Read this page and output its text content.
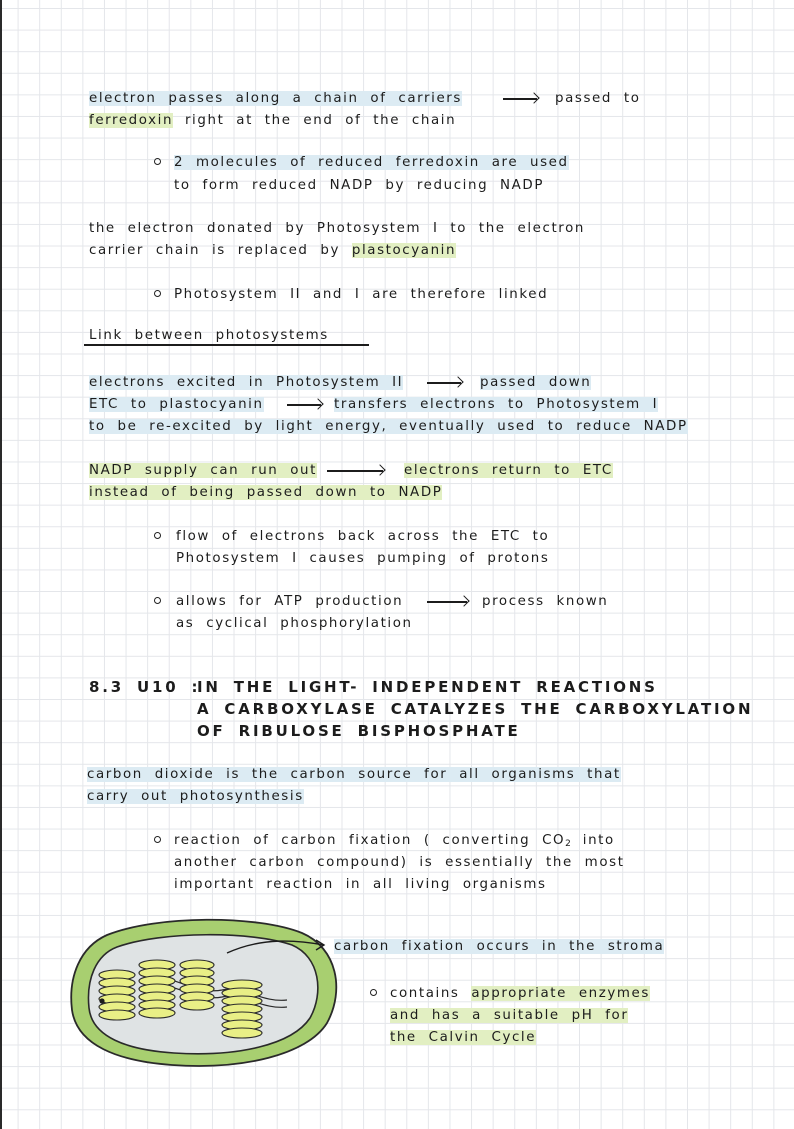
electron passes along a chain of carriers	passed to
ferredoxin right at the end of the chain
2 molecules of reduced ferredoxin are used
to form reduced NADP by reducing NADP
the electron donated by Photosystem I to the electron
carrier chain is replaced by plastocyanin
Photosystem II and I are therefore linked
Link between photosystems
electrons excited in Photosystem II	passed down
ETC to plastocyanin	transfers electrons to Photosystem I
to be re-excited by light energy, eventually used to reduce NADP
NADP supply can run out	electrons return to ETC
instead of being passed down to NADP
flow of electrons back across the ETC to
Photosystem I causes pumping of protons
allows for ATP production	process known
as cyclical phosphorylation
8.3 U10 :
IN THE LIGHT- INDEPENDENT REACTIONS
A CARBOXYLASE CATALYZES THE CARBOXYLATION
OF RIBULOSE BISPHOSPHATE
carbon dioxide is the carbon source for all organisms that
carry out photosynthesis
reaction of carbon fixation ( converting CO2 into
another carbon compound) is essentially the most
important reaction in all living organisms
carbon fixation occurs in the stroma
contains appropriate enzymes
and has a suitable pH for
the Calvin Cycle
